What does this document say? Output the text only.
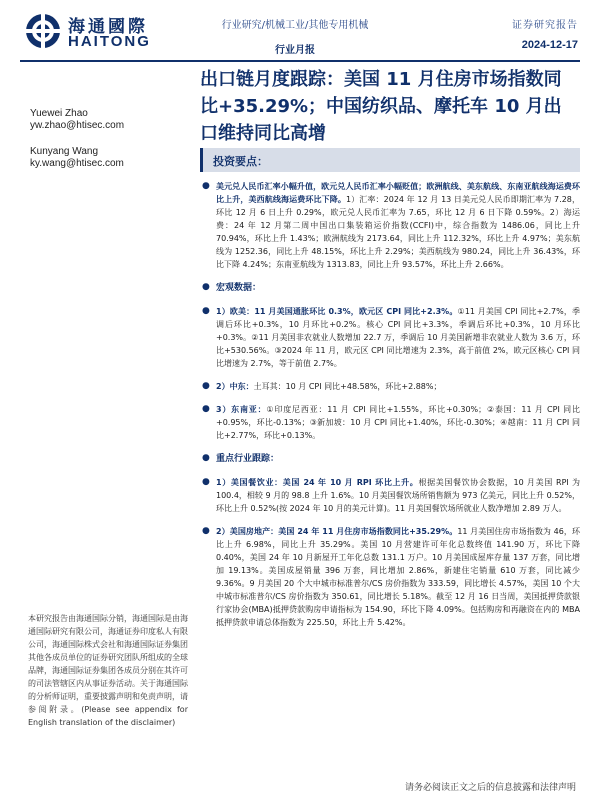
海通國際
HAITONG
行业研究/机械工业/其他专用机械
行业月报
证券研究报告
2024-12-17
出口链月度跟踪：美国 11 月住房市场指数同比+35.29%；中国纺织品、摩托车 10 月出口维持同比高增
Yuewei Zhao
yw.zhao@htisec.com
Kunyang Wang
ky.wang@htisec.com	投资要点：
● 美元兑人民币汇率小幅升值，欧元兑人民币汇率小幅贬值；欧洲航线、美东航线、东南亚航线海运费环比上升，美西航线海运费环比下降。1）汇率：2024 年 12 月 13 日美元兑人民币即期汇率为 7.28，环比 12 月 6 日上升 0.29%，欧元兑人民币汇率为 7.65，环比 12 月 6 日下降 0.59%。2）海运费：24 年 12 月第二周中国出口集装箱运价指数(CCFI)中，综合指数为 1486.06，同比上升 70.94%，环比上升 1.43%；欧洲航线为 2173.64，同比上升 112.32%，环比上升 4.97%；美东航线为 1252.36，同比上升 48.15%，环比上升 2.29%；美西航线为 980.24，同比上升 36.43%，环比下降 4.24%；东南亚航线为 1313.83，同比上升 93.57%，环比上升 2.66%。
● 宏观数据：
● 1）欧美：11 月美国通胀环比 0.3%，欧元区 CPI 同比+2.3%。①11 月美国 CPI 同比+2.7%，季调后环比+0.3%，10 月环比+0.2%。核心 CPI 同比+3.3%，季调后环比+0.3%，10 月环比+0.3%。②11 月美国非农就业人数增加 22.7 万，季调后 10 月美国新增非农就业人数为 3.6 万，环比+530.56%。③2024 年 11 月，欧元区 CPI 同比增速为 2.3%，高于前值 2%，欧元区核心 CPI 同比增速为 2.7%，等于前值 2.7%。
● 2）中东：土耳其：10 月 CPI 同比+48.58%，环比+2.88%；
● 3）东南亚：①印度尼西亚：11 月 CPI 同比+1.55%，环比+0.30%；②泰国：11 月 CPI 同比+0.95%，环比-0.13%；③新加坡：10 月 CPI 同比+1.40%，环比-0.30%；④越南：11 月 CPI 同比+2.77%，环比+0.13%。
● 重点行业跟踪：
● 1）美国餐饮业：美国 24 年 10 月 RPI 环比上升。根据美国餐饮协会数据，10 月美国 RPI 为 100.4，相较 9 月的 98.8 上升 1.6%。10 月美国餐饮场所销售额为 973 亿美元，同比上升 0.52%，环比上升 0.52%(按 2024 年 10 月的美元计算)。11 月美国餐饮场所就业人数净增加 2.89 万人。
● 2）美国房地产：美国 24 年 11 月住房市场指数同比+35.29%。11 月美国住房市场指数为 46，环比上升 6.98%，同比上升 35.29%。美国 10 月营建许可年化总数终值 141.90 万，环比下降 0.40%，美国 24 年 10 月新屋开工年化总数 131.1 万户。10 月美国成屋库存量 137 万套，同比增加 19.13%。美国成屋销量 396 万套，同比增加 2.86%，新建住宅销量 610 万套，同比减少 9.36%。9 月美国 20 个大中城市标准普尔/CS 房价指数为 333.59，同比增长 4.57%，美国 10 个大中城市标准普尔/CS 房价指数为 350.61，同比增长 5.18%。截至 12 月 16 日当周，美国抵押贷款银行家协会(MBA)抵押贷款购房申请指标为 154.90，环比下降 4.09%。包括购房和再融资在内的 MBA 抵押贷款申请总体指数为 225.50，环比上升 5.42%。
本研究报告由海通国际分销，海通国际是由海通国际研究有限公司，海通证券印度私人有限公司，海通国际株式会社和海通国际证券集团其他各成员单位的证券研究团队所组成的全球品牌，海通国际证券集团各成员分别在其许可的司法管辖区内从事证券活动。关于海通国际的分析师证明，重要披露声明和免责声明，请参阅附录。(Please see appendix for English translation of the disclaimer)
请务必阅读正文之后的信息披露和法律声明
